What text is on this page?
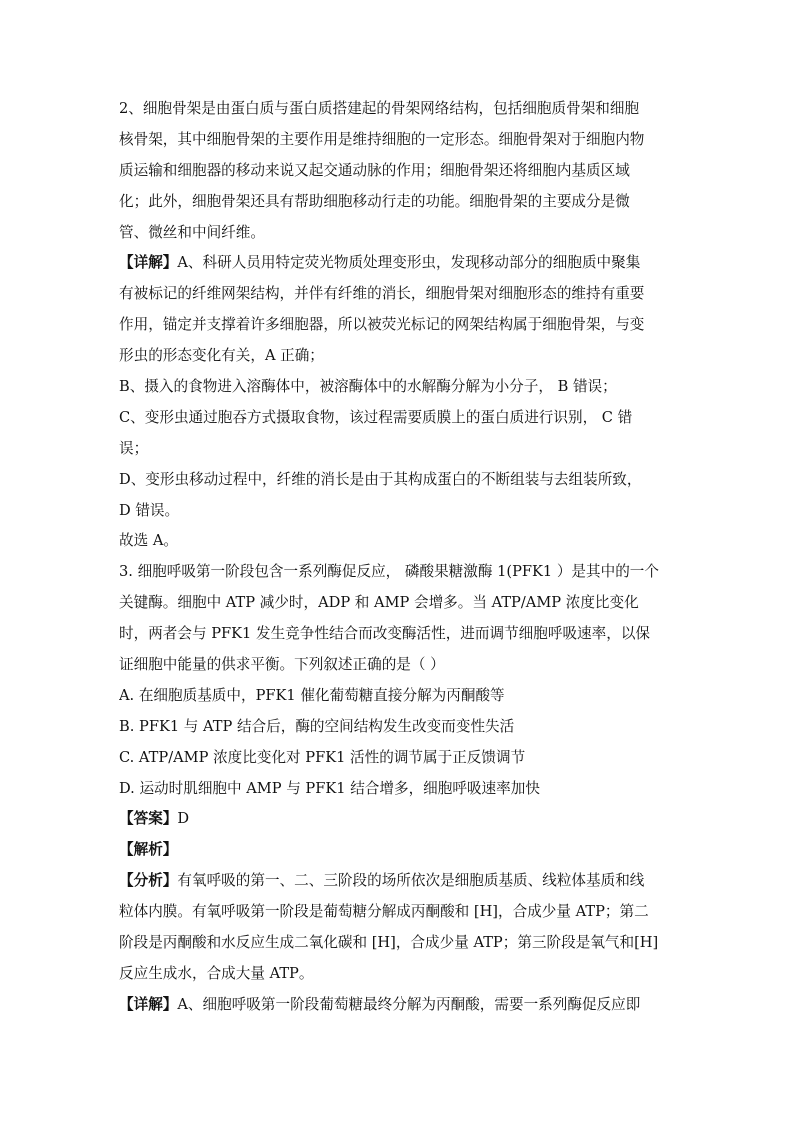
2、细胞骨架是由蛋白质与蛋白质搭建起的骨架网络结构，包括细胞质骨架和细胞
核骨架，其中细胞骨架的主要作用是维持细胞的一定形态。细胞骨架对于细胞内物
质运输和细胞器的移动来说又起交通动脉的作用；细胞骨架还将细胞内基质区域
化；此外，细胞骨架还具有帮助细胞移动行走的功能。细胞骨架的主要成分是微
管、微丝和中间纤维。
【详解】A、科研人员用特定荧光物质处理变形虫，发现移动部分的细胞质中聚集
有被标记的纤维网架结构，并伴有纤维的消长，细胞骨架对细胞形态的维持有重要
作用，锚定并支撑着许多细胞器，所以被荧光标记的网架结构属于细胞骨架，与变
形虫的形态变化有关，A 正确；
B、摄入的食物进入溶酶体中，被溶酶体中的水解酶分解为小分子， B 错误；
C、变形虫通过胞吞方式摄取食物，该过程需要质膜上的蛋白质进行识别， C 错
误；
D、变形虫移动过程中，纤维的消长是由于其构成蛋白的不断组装与去组装所致，
D 错误。
故选 A。
3. 细胞呼吸第一阶段包含一系列酶促反应， 磷酸果糖激酶 1(PFK1 ）是其中的一个
关键酶。细胞中 ATP 减少时，ADP 和 AMP 会增多。当 ATP/AMP 浓度比变化
时，两者会与 PFK1 发生竞争性结合而改变酶活性，进而调节细胞呼吸速率，以保
证细胞中能量的供求平衡。下列叙述正确的是（ ）
A. 在细胞质基质中，PFK1 催化葡萄糖直接分解为丙酮酸等
B. PFK1 与 ATP 结合后，酶的空间结构发生改变而变性失活
C. ATP/AMP 浓度比变化对 PFK1 活性的调节属于正反馈调节
D. 运动时肌细胞中 AMP 与 PFK1 结合增多，细胞呼吸速率加快
【答案】D
【解析】
【分析】有氧呼吸的第一、二、三阶段的场所依次是细胞质基质、线粒体基质和线
粒体内膜。有氧呼吸第一阶段是葡萄糖分解成丙酮酸和 [H]，合成少量 ATP；第二
阶段是丙酮酸和水反应生成二氧化碳和 [H]，合成少量 ATP；第三阶段是氧气和[H]
反应生成水，合成大量 ATP。
【详解】A、细胞呼吸第一阶段葡萄糖最终分解为丙酮酸，需要一系列酶促反应即
